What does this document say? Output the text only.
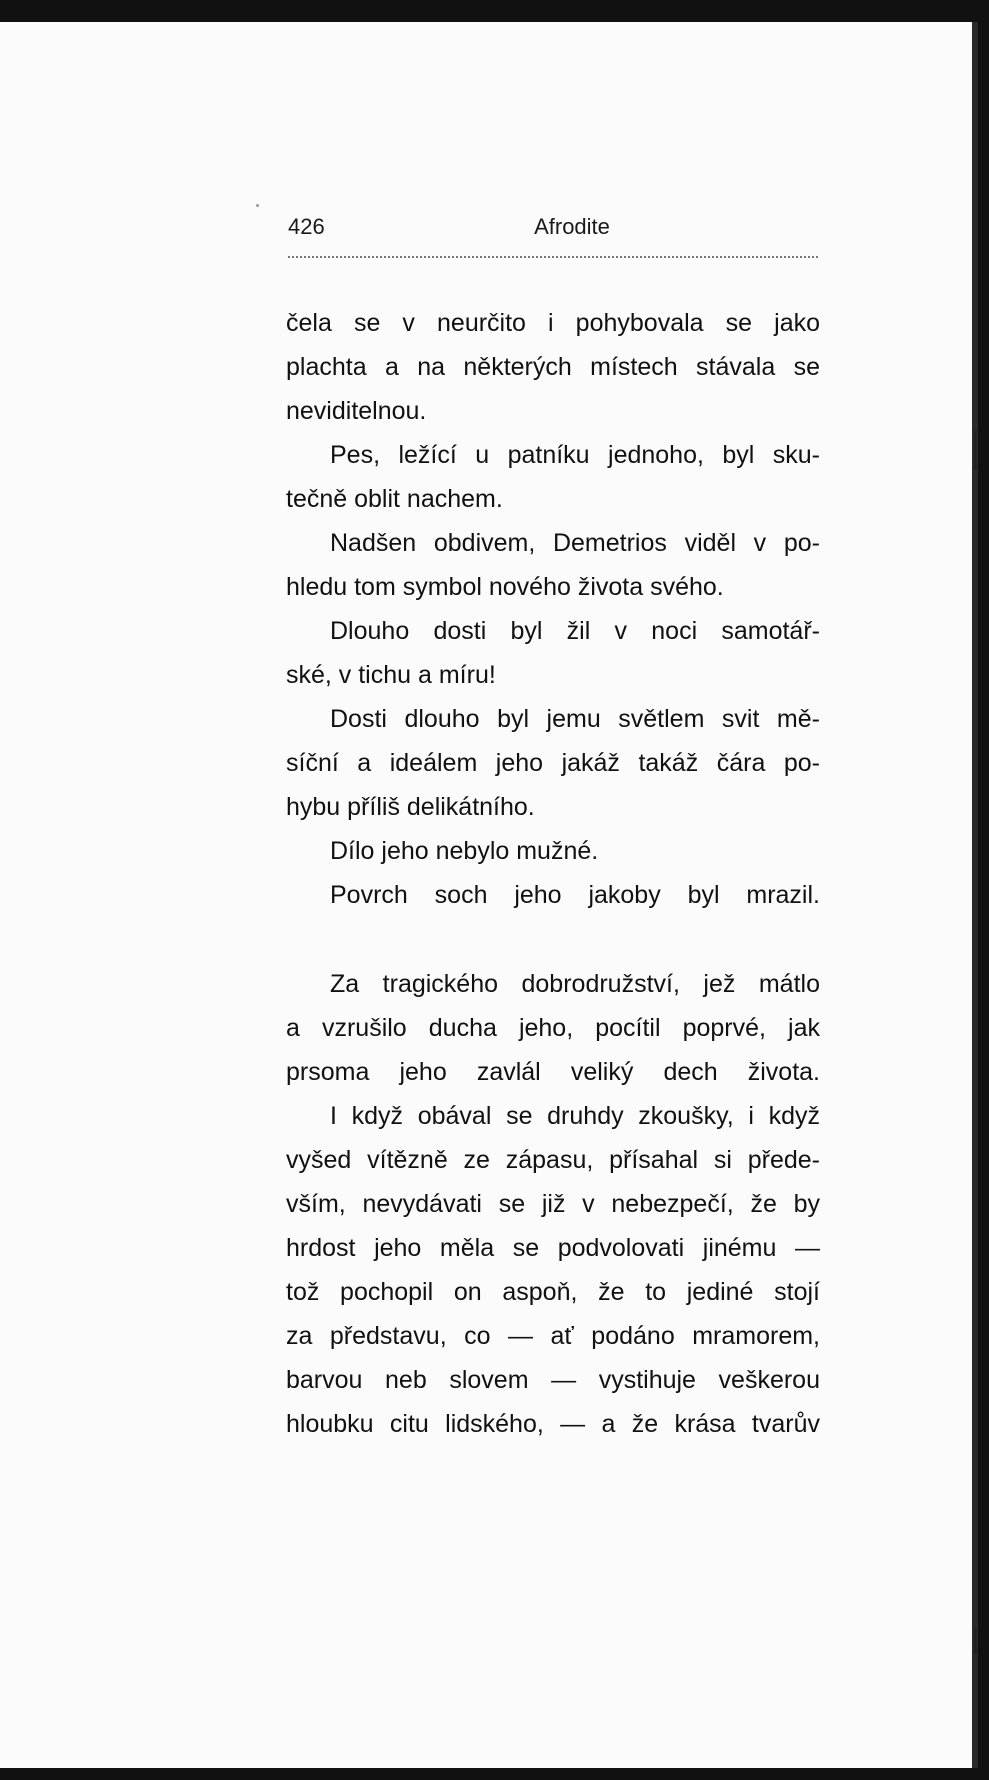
426	Afrodite
čela se v neurčito i pohybovala se jako
plachta a na některých místech stávala se
neviditelnou.
Pes, ležící u patníku jednoho, byl sku-
tečně oblit nachem.
Nadšen obdivem, Demetrios viděl v po-
hledu tom symbol nového života svého.
Dlouho dosti byl žil v noci samotář-
ské, v tichu a míru!
Dosti dlouho byl jemu světlem svit mě-
síční a ideálem jeho jakáž takáž čára po-
hybu příliš delikátního.
Dílo jeho nebylo mužné.
Povrch soch jeho jakoby byl mrazil.
Za tragického dobrodružství, jež mátlo
a vzrušilo ducha jeho, pocítil poprvé, jak
prsoma jeho zavlál veliký dech života.
I když obával se druhdy zkoušky, i když
vyšed vítězně ze zápasu, přísahal si přede-
vším, nevydávati se již v nebezpečí, že by
hrdost jeho měla se podvolovati jinému —
tož pochopil on aspoň, že to jediné stojí
za představu, co — ať podáno mramorem,
barvou neb slovem — vystihuje veškerou
hloubku citu lidského, — a že krása tvarův
